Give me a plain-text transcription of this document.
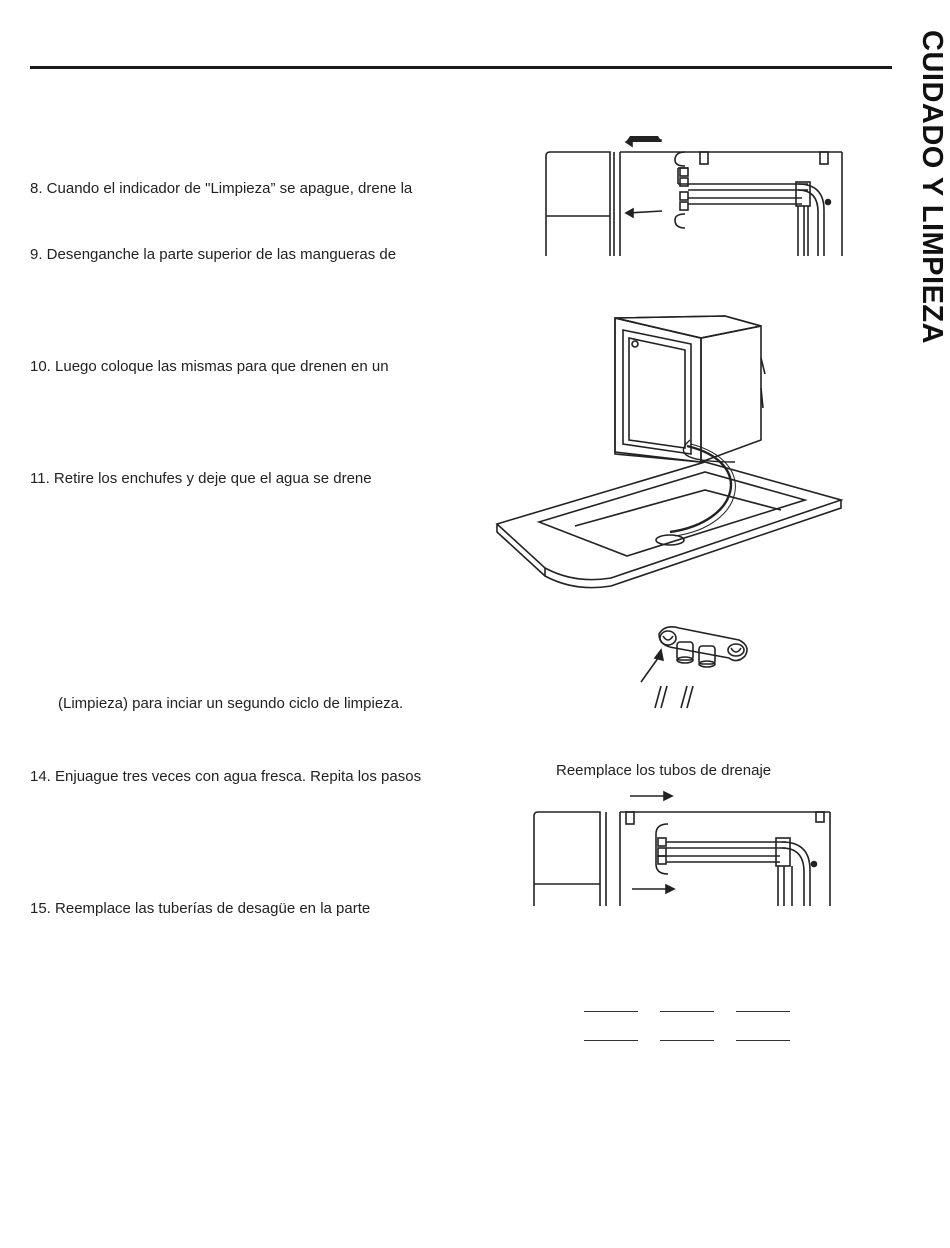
CUIDADO Y LIMPIEZA
8. Cuando el indicador de "Limpieza” se apague, drene la
9. Desenganche la parte superior de las mangueras de
10. Luego coloque las mismas para que drenen en un
11. Retire los enchufes y deje que el agua se drene
(Limpieza) para inciar un segundo ciclo de limpieza.
14. Enjuague tres veces con agua fresca. Repita los pasos
15. Reemplace las tuberías de desagüe en la parte
Reemplace los tubos de drenaje
